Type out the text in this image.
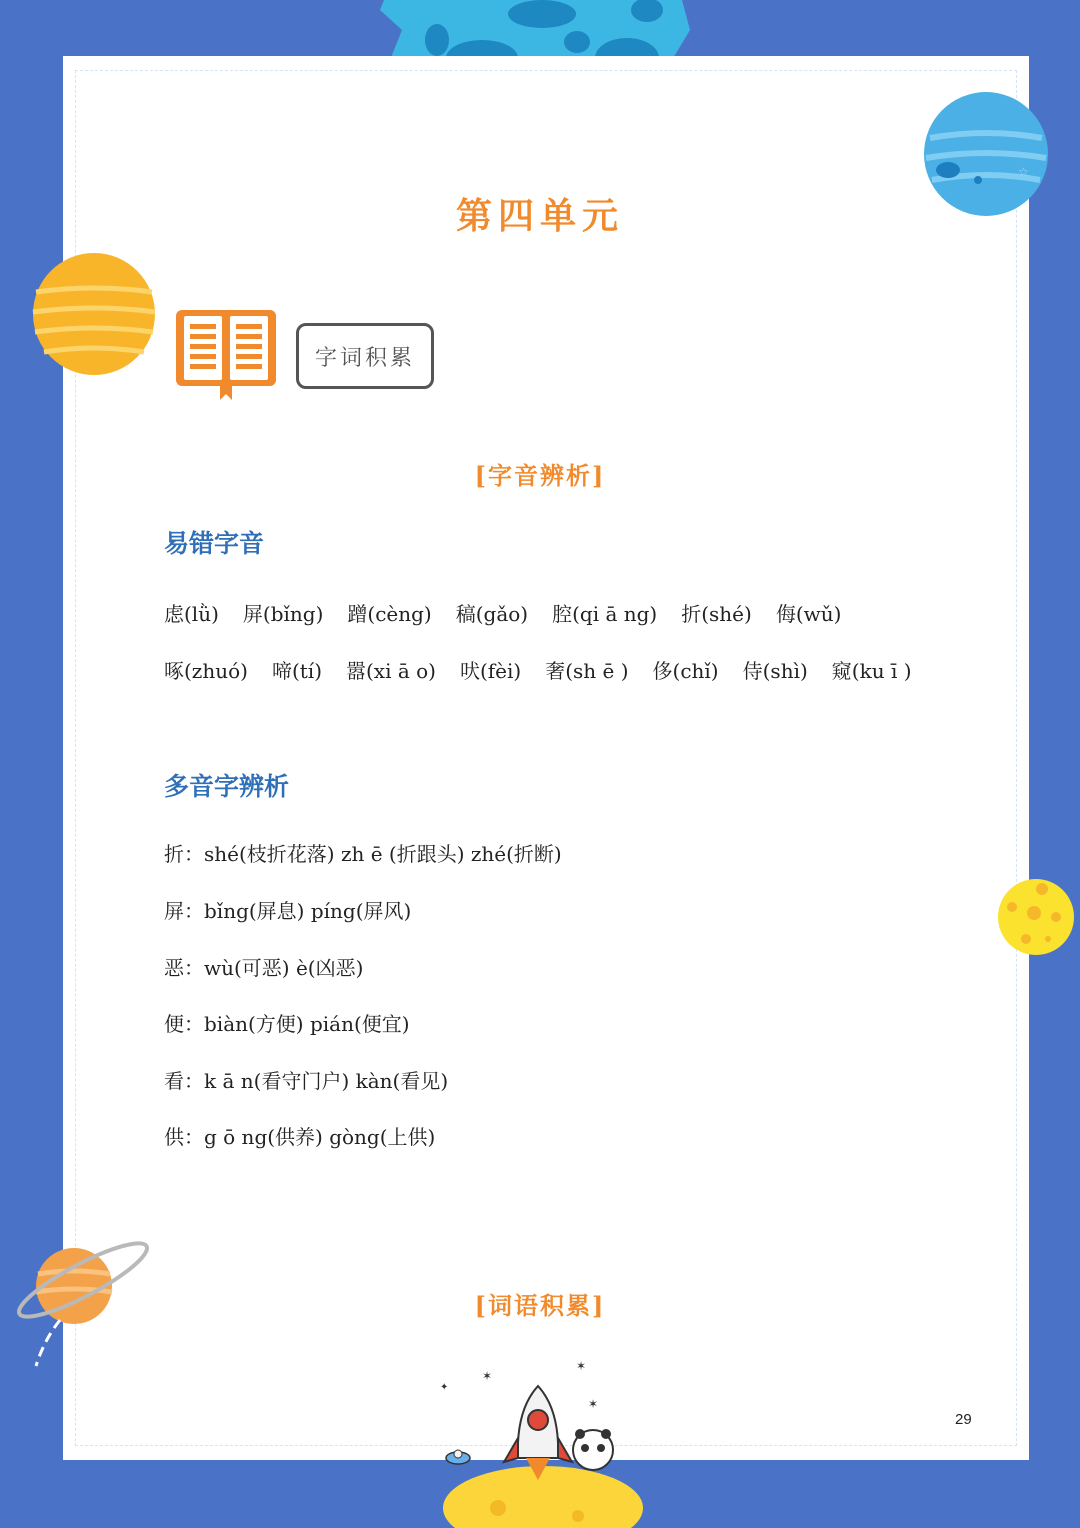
☆
第四单元
字词积累
[字音辨析]
易错字音
虑(lǜ) 屏(bǐng) 蹭(cèng) 稿(gǎo) 腔(qi ā ng) 折(shé) 侮(wǔ)
啄(zhuó) 啼(tí) 嚣(xi ā o) 吠(fèi) 奢(sh ē ) 侈(chǐ) 侍(shì) 窥(ku ī )
多音字辨析
折：shé(枝折花落) zh ē (折跟头) zhé(折断)
屏：bǐng(屏息) píng(屏风)
恶：wù(可恶) è(凶恶)
便：biàn(方便) pián(便宜)
看：k ā n(看守门户) kàn(看见)
供：g ō ng(供养) gòng(上供)
[词语积累]
29
✶
✶
✶
✦
